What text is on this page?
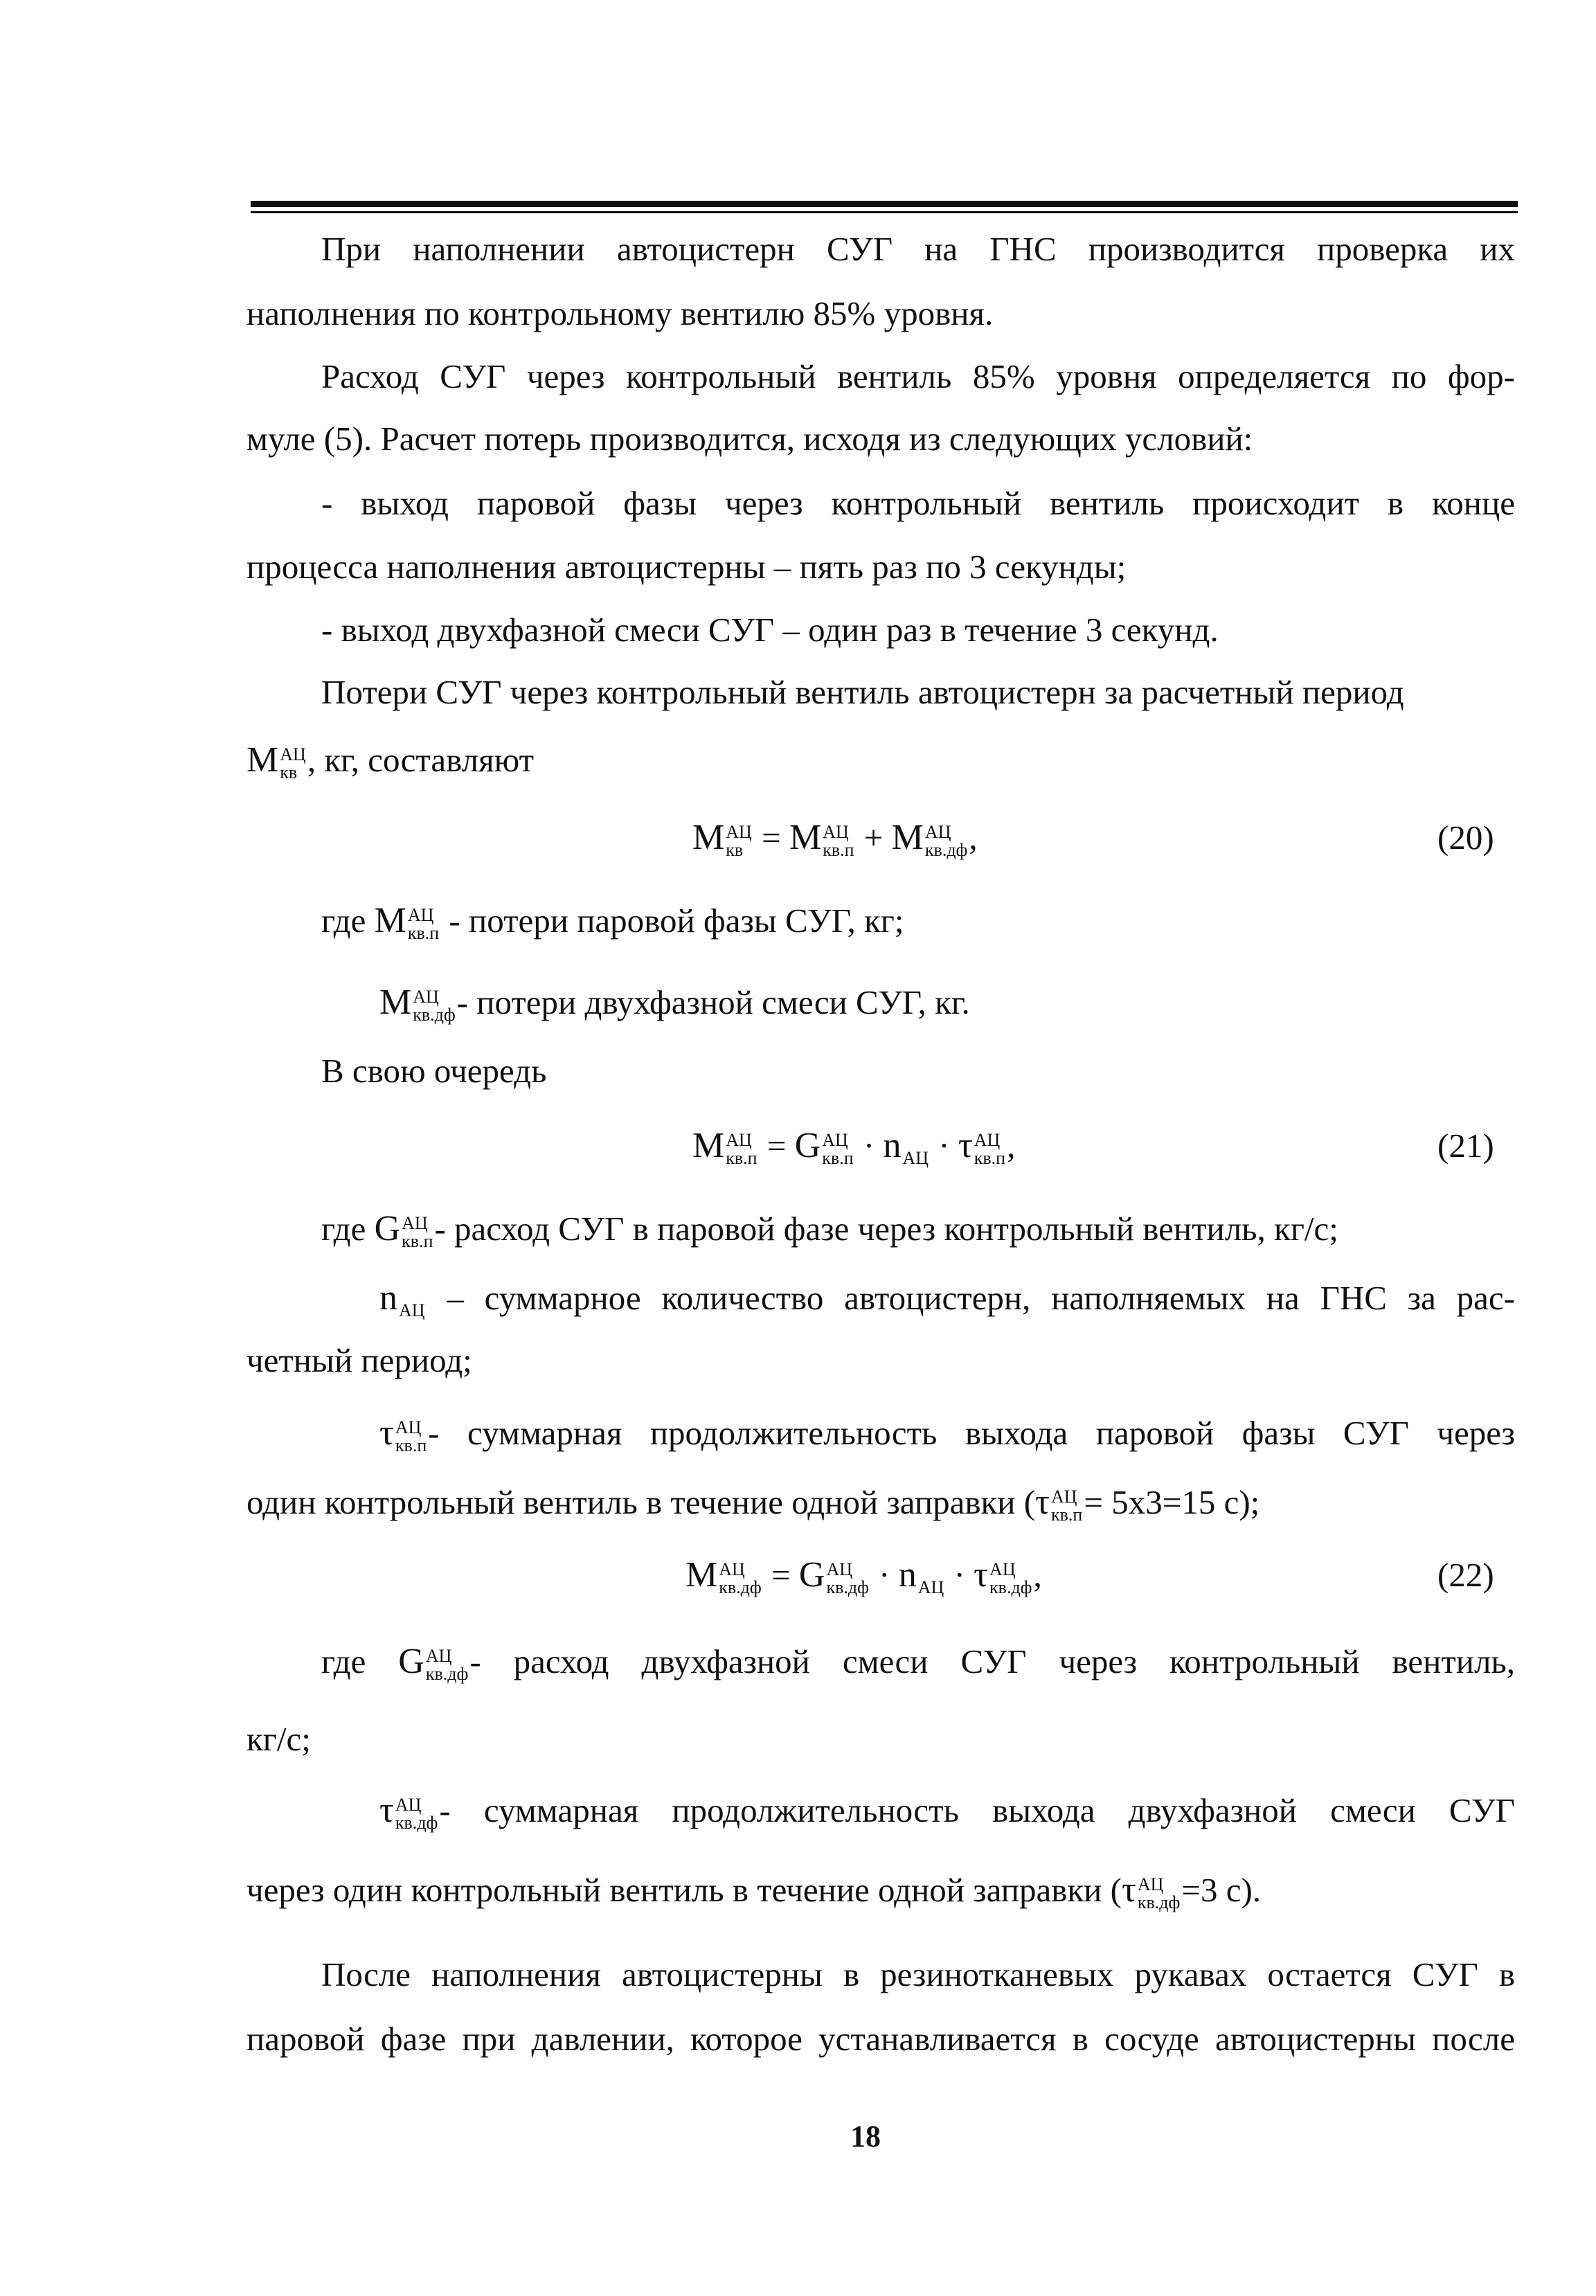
При наполнении автоцистерн СУГ на ГНС производится проверка их
наполнения по контрольному вентилю 85% уровня.
Расход СУГ через контрольный вентиль 85% уровня определяется по фор-
муле (5). Расчет потерь производится, исходя из следующих условий:
- выход паровой фазы через контрольный вентиль происходит в конце
процесса наполнения автоцистерны – пять раз по 3 секунды;
- выход двухфазной смеси СУГ – один раз в течение 3 секунд.
Потери СУГ через контрольный вентиль автоцистерн за расчетный период
M АЦ
кв , кг, составляют
M АЦ
кв = M АЦ
кв.п + M АЦ
кв.дф ,	(20)
где M АЦ
кв.п - потери паровой фазы СУГ, кг;
M АЦ
кв.дф - потери двухфазной смеси СУГ, кг.
В свою очередь
M АЦ
кв.п = G АЦ
кв.п · n
АЦ · τ АЦ
кв.п ,	(21)
где G АЦ
кв.п - расход СУГ в паровой фазе через контрольный вентиль, кг/с;
n
АЦ – суммарное количество автоцистерн, наполняемых на ГНС за рас-
четный период;
τ АЦ
кв.п - суммарная продолжительность выхода паровой фазы СУГ через
один контрольный вентиль в течение одной заправки (τ АЦ
кв.п = 5х3=15 с);
M АЦ
кв.дф = G АЦ
кв.дф · n
АЦ · τ АЦ
кв.дф ,	(22)
где G АЦ
кв.дф - расход двухфазной смеси СУГ через контрольный вентиль,
кг/с;
τ АЦ
кв.дф - суммарная продолжительность выхода двухфазной смеси СУГ
через один контрольный вентиль в течение одной заправки (τ АЦ
кв.дф =3 с).
После наполнения автоцистерны в резинотканевых рукавах остается СУГ в
паровой фазе при давлении, которое устанавливается в сосуде автоцистерны после
18
